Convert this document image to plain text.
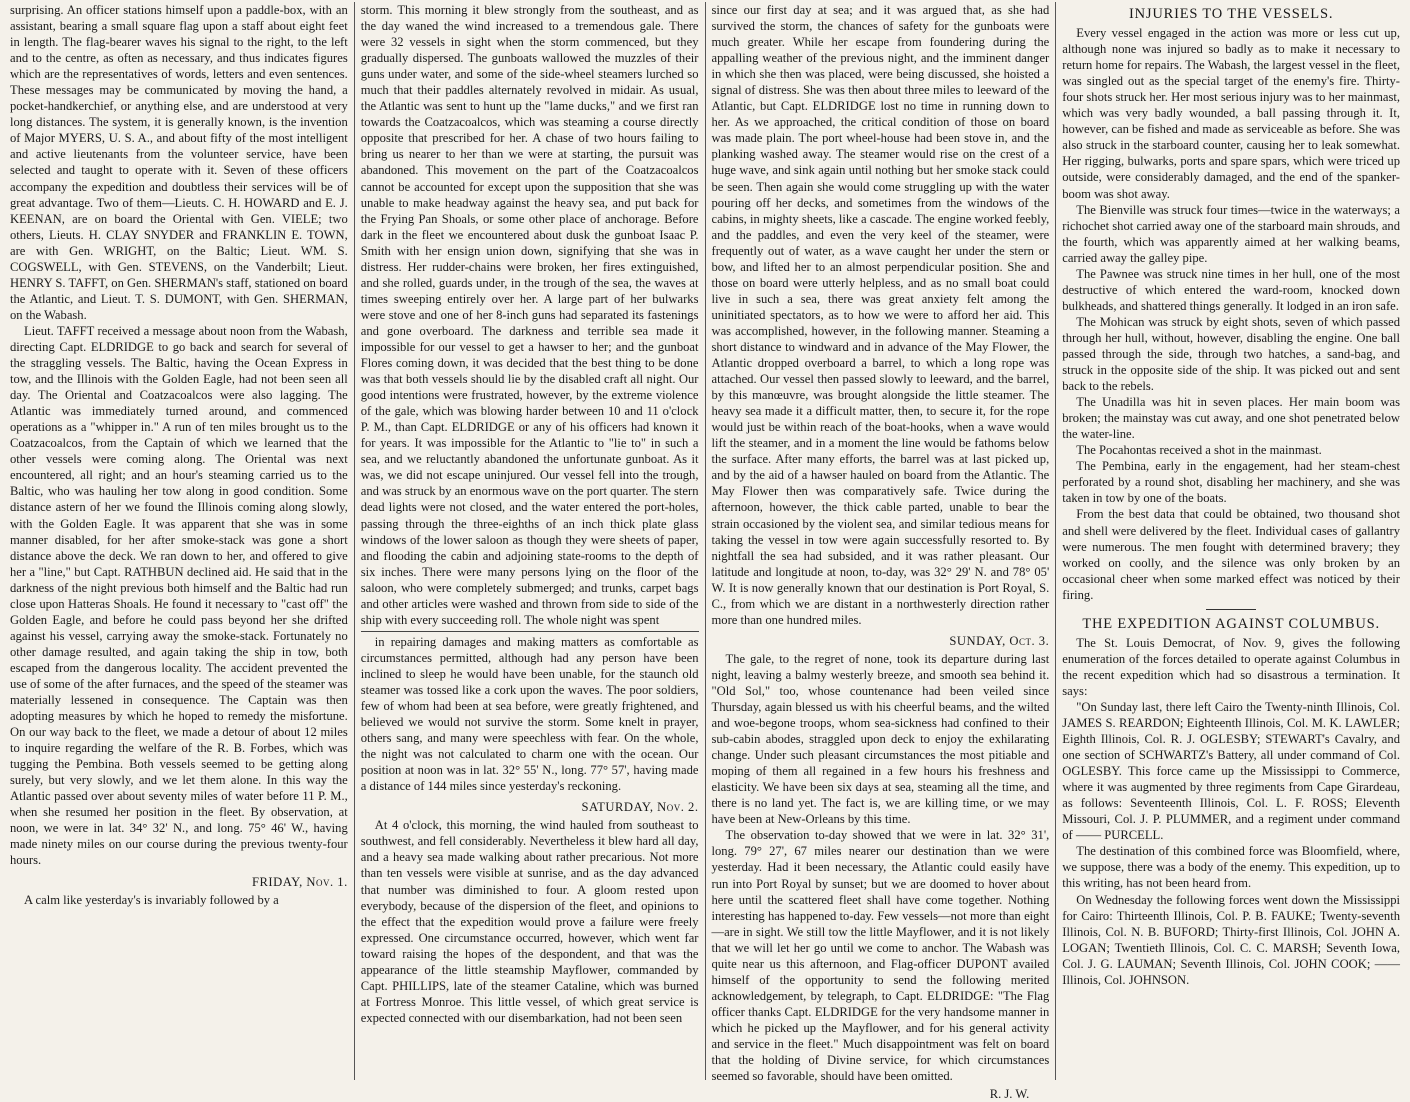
surprising. An officer stations himself upon a paddle-box, with an assistant, bearing a small square flag upon a staff about eight feet in length. The flag-bearer waves his signal to the right, to the left and to the centre, as often as necessary, and thus indicates figures which are the representatives of words, letters and even sentences. These messages may be communicated by moving the hand, a pocket-handkerchief, or anything else, and are understood at very long distances. The system, it is generally known, is the invention of Major MYERS, U. S. A., and about fifty of the most intelligent and active lieutenants from the volunteer service, have been selected and taught to operate with it. Seven of these officers accompany the expedition and doubtless their services will be of great advantage. Two of them—Lieuts. C. H. HOWARD and E. J. KEENAN, are on board the Oriental with Gen. VIELE; two others, Lieuts. H. CLAY SNYDER and FRANKLIN E. TOWN, are with Gen. WRIGHT, on the Baltic; Lieut. WM. S. COGSWELL, with Gen. STEVENS, on the Vanderbilt; Lieut. HENRY S. TAFFT, on Gen. SHERMAN's staff, stationed on board the Atlantic, and Lieut. T. S. DUMONT, with Gen. SHERMAN, on the Wabash.

Lieut. TAFFT received a message about noon from the Wabash, directing Capt. ELDRIDGE to go back and search for several of the straggling vessels. The Baltic, having the Ocean Express in tow, and the Illinois with the Golden Eagle, had not been seen all day. The Oriental and Coatzacoalcos were also lagging. The Atlantic was immediately turned around, and commenced operations as a "whipper in." A run of ten miles brought us to the Coatzacoalcos, from the Captain of which we learned that the other vessels were coming along. The Oriental was next encountered, all right; and an hour's steaming carried us to the Baltic, who was hauling her tow along in good condition. Some distance astern of her we found the Illinois coming along slowly, with the Golden Eagle. It was apparent that she was in some manner disabled, for her after smoke-stack was gone a short distance above the deck. We ran down to her, and offered to give her a "line," but Capt. RATHBUN declined aid. He said that in the darkness of the night previous both himself and the Baltic had run close upon Hatteras Shoals. He found it necessary to "cast off" the Golden Eagle, and before he could pass beyond her she drifted against his vessel, carrying away the smoke-stack. Fortunately no other damage resulted, and again taking the ship in tow, both escaped from the dangerous locality. The accident prevented the use of some of the after furnaces, and the speed of the steamer was materially lessened in consequence. The Captain was then adopting measures by which he hoped to remedy the misfortune. On our way back to the fleet, we made a detour of about 12 miles to inquire regarding the welfare of the R. B. Forbes, which was tugging the Pembina. Both vessels seemed to be getting along surely, but very slowly, and we let them alone. In this way the Atlantic passed over about seventy miles of water before 11 P. M., when she resumed her position in the fleet. By observation, at noon, we were in lat. 34° 32' N., and long. 75° 46' W., having made ninety miles on our course during the previous twenty-four hours.

FRIDAY, Nov. 1.

A calm like yesterday's is invariably followed by a

storm. This morning it blew strongly from the southeast, and as the day waned the wind increased to a tremendous gale. There were 32 vessels in sight when the storm commenced, but they gradually dispersed. The gunboats wallowed the muzzles of their guns under water, and some of the side-wheel steamers lurched so much that their paddles alternately revolved in midair. As usual, the Atlantic was sent to hunt up the "lame ducks," and we first ran towards the Coatzacoalcos, which was steaming a course directly opposite that prescribed for her. A chase of two hours failing to bring us nearer to her than we were at starting, the pursuit was abandoned. This movement on the part of the Coatzacoalcos cannot be accounted for except upon the supposition that she was unable to make headway against the heavy sea, and put back for the Frying Pan Shoals, or some other place of anchorage. Before dark in the fleet we encountered about dusk the gunboat Isaac P. Smith with her ensign union down, signifying that she was in distress. Her rudder-chains were broken, her fires extinguished, and she rolled, guards under, in the trough of the sea, the waves at times sweeping entirely over her. A large part of her bulwarks were stove and one of her 8-inch guns had separated its fastenings and gone overboard. The darkness and terrible sea made it impossible for our vessel to get a hawser to her; and the gunboat Flores coming down, it was decided that the best thing to be done was that both vessels should lie by the disabled craft all night. Our good intentions were frustrated, however, by the extreme violence of the gale, which was blowing harder between 10 and 11 o'clock P. M., than Capt. ELDRIDGE or any of his officers had known it for years. It was impossible for the Atlantic to "lie to" in such a sea, and we reluctantly abandoned the unfortunate gunboat. As it was, we did not escape uninjured. Our vessel fell into the trough, and was struck by an enormous wave on the port quarter. The stern dead lights were not closed, and the water entered the port-holes, passing through the three-eighths of an inch thick plate glass windows of the lower saloon as though they were sheets of paper, and flooding the cabin and adjoining state-rooms to the depth of six inches. There were many persons lying on the floor of the saloon, who were completely submerged; and trunks, carpet bags and other articles were washed and thrown from side to side of the ship with every succeeding roll. The whole night was spent

in repairing damages and making matters as comfortable as circumstances permitted, although had any person have been inclined to sleep he would have been unable, for the staunch old steamer was tossed like a cork upon the waves. The poor soldiers, few of whom had been at sea before, were greatly frightened, and believed we would not survive the storm. Some knelt in prayer, others sang, and many were speechless with fear. On the whole, the night was not calculated to charm one with the ocean. Our position at noon was in lat. 32° 55' N., long. 77° 57', having made a distance of 144 miles since yesterday's reckoning.

SATURDAY, Nov. 2.

At 4 o'clock, this morning, the wind hauled from southeast to southwest, and fell considerably. Nevertheless it blew hard all day, and a heavy sea made walking about rather precarious. Not more than ten vessels were visible at sunrise, and as the day advanced that number was diminished to four. A gloom rested upon everybody, because of the dispersion of the fleet, and opinions to the effect that the expedition would prove a failure were freely expressed. One circumstance occurred, however, which went far toward raising the hopes of the despondent, and that was the appearance of the little steamship Mayflower, commanded by Capt. PHILLIPS, late of the steamer Cataline, which was burned at Fortress Monroe. This little vessel, of which great service is expected connected with our disembarkation, had not been seen

since our first day at sea; and it was argued that, as she had survived the storm, the chances of safety for the gunboats were much greater. While her escape from foundering during the appalling weather of the previous night, and the imminent danger in which she then was placed, were being discussed, she hoisted a signal of distress. She was then about three miles to leeward of the Atlantic, but Capt. ELDRIDGE lost no time in running down to her. As we approached, the critical condition of those on board was made plain. The port wheel-house had been stove in, and the planking washed away. The steamer would rise on the crest of a huge wave, and sink again until nothing but her smoke stack could be seen. Then again she would come struggling up with the water pouring off her decks, and sometimes from the windows of the cabins, in mighty sheets, like a cascade. The engine worked feebly, and the paddles, and even the very keel of the steamer, were frequently out of water, as a wave caught her under the stern or bow, and lifted her to an almost perpendicular position. She and those on board were utterly helpless, and as no small boat could live in such a sea, there was great anxiety felt among the uninitiated spectators, as to how we were to afford her aid. This was accomplished, however, in the following manner. Steaming a short distance to windward and in advance of the May Flower, the Atlantic dropped overboard a barrel, to which a long rope was attached. Our vessel then passed slowly to leeward, and the barrel, by this manœuvre, was brought alongside the little steamer. The heavy sea made it a difficult matter, then, to secure it, for the rope would just be within reach of the boat-hooks, when a wave would lift the steamer, and in a moment the line would be fathoms below the surface. After many efforts, the barrel was at last picked up, and by the aid of a hawser hauled on board from the Atlantic. The May Flower then was comparatively safe. Twice during the afternoon, however, the thick cable parted, unable to bear the strain occasioned by the violent sea, and similar tedious means for taking the vessel in tow were again successfully resorted to. By nightfall the sea had subsided, and it was rather pleasant. Our latitude and longitude at noon, to-day, was 32° 29' N. and 78° 05' W. It is now generally known that our destination is Port Royal, S. C., from which we are distant in a northwesterly direction rather more than one hundred miles.

SUNDAY, Oct. 3.

The gale, to the regret of none, took its departure during last night, leaving a balmy westerly breeze, and smooth sea behind it. "Old Sol," too, whose countenance had been veiled since Thursday, again blessed us with his cheerful beams, and the wilted and woe-begone troops, whom sea-sickness had confined to their sub-cabin abodes, straggled upon deck to enjoy the exhilarating change. Under such pleasant circumstances the most pitiable and moping of them all regained in a few hours his freshness and elasticity. We have been six days at sea, steaming all the time, and there is no land yet. The fact is, we are killing time, or we may have been at New-Orleans by this time.

The observation to-day showed that we were in lat. 32° 31', long. 79° 27', 67 miles nearer our destination than we were yesterday. Had it been necessary, the Atlantic could easily have run into Port Royal by sunset; but we are doomed to hover about here until the scattered fleet shall have come together. Nothing interesting has happened to-day. Few vessels—not more than eight—are in sight. We still tow the little Mayflower, and it is not likely that we will let her go until we come to anchor. The Wabash was quite near us this afternoon, and Flag-officer DUPONT availed himself of the opportunity to send the following merited acknowledgement, by telegraph, to Capt. ELDRIDGE: "The Flag officer thanks Capt. ELDRIDGE for the very handsome manner in which he picked up the Mayflower, and for his general activity and service in the fleet." Much disappointment was felt on board that the holding of Divine service, for which circumstances seemed so favorable, should have been omitted.

R. J. W.
INJURIES TO THE VESSELS.

Every vessel engaged in the action was more or less cut up, although none was injured so badly as to make it necessary to return home for repairs. The Wabash, the largest vessel in the fleet, was singled out as the special target of the enemy's fire. Thirty-four shots struck her. Her most serious injury was to her mainmast, which was very badly wounded, a ball passing through it. It, however, can be fished and made as serviceable as before. She was also struck in the starboard counter, causing her to leak somewhat. Her rigging, bulwarks, ports and spare spars, which were triced up outside, were considerably damaged, and the end of the spanker-boom was shot away.

The Bienville was struck four times—twice in the waterways; a richochet shot carried away one of the starboard main shrouds, and the fourth, which was apparently aimed at her walking beams, carried away the galley pipe.

The Pawnee was struck nine times in her hull, one of the most destructive of which entered the ward-room, knocked down bulkheads, and shattered things generally. It lodged in an iron safe.

The Mohican was struck by eight shots, seven of which passed through her hull, without, however, disabling the engine. One ball passed through the side, through two hatches, a sand-bag, and struck in the opposite side of the ship. It was picked out and sent back to the rebels.

The Unadilla was hit in seven places. Her main boom was broken; the mainstay was cut away, and one shot penetrated below the water-line.

The Pocahontas received a shot in the mainmast.

The Pembina, early in the engagement, had her steam-chest perforated by a round shot, disabling her machinery, and she was taken in tow by one of the boats.

From the best data that could be obtained, two thousand shot and shell were delivered by the fleet. Individual cases of gallantry were numerous. The men fought with determined bravery; they worked on coolly, and the silence was only broken by an occasional cheer when some marked effect was noticed by their firing.

THE EXPEDITION AGAINST COLUMBUS.

The St. Louis Democrat, of Nov. 9, gives the following enumeration of the forces detailed to operate against Columbus in the recent expedition which had so disastrous a termination. It says:

"On Sunday last, there left Cairo the Twenty-ninth Illinois, Col. JAMES S. REARDON; Eighteenth Illinois, Col. M. K. LAWLER; Eighth Illinois, Col. R. J. OGLESBY; STEWART's Cavalry, and one section of SCHWARTZ's Battery, all under command of Col. OGLESBY. This force came up the Mississippi to Commerce, where it was augmented by three regiments from Cape Girardeau, as follows: Seventeenth Illinois, Col. L. F. ROSS; Eleventh Missouri, Col. J. P. PLUMMER, and a regiment under command of —— PURCELL.

The destination of this combined force was Bloomfield, where, we suppose, there was a body of the enemy. This expedition, up to this writing, has not been heard from.

On Wednesday the following forces went down the Mississippi for Cairo: Thirteenth Illinois, Col. P. B. FAUKE; Twenty-seventh Illinois, Col. N. B. BUFORD; Thirty-first Illinois, Col. JOHN A. LOGAN; Twentieth Illinois, Col. C. C. MARSH; Seventh Iowa, Col. J. G. LAUMAN; Seventh Illinois, Col. JOHN COOK; —— Illinois, Col. JOHNSON.
